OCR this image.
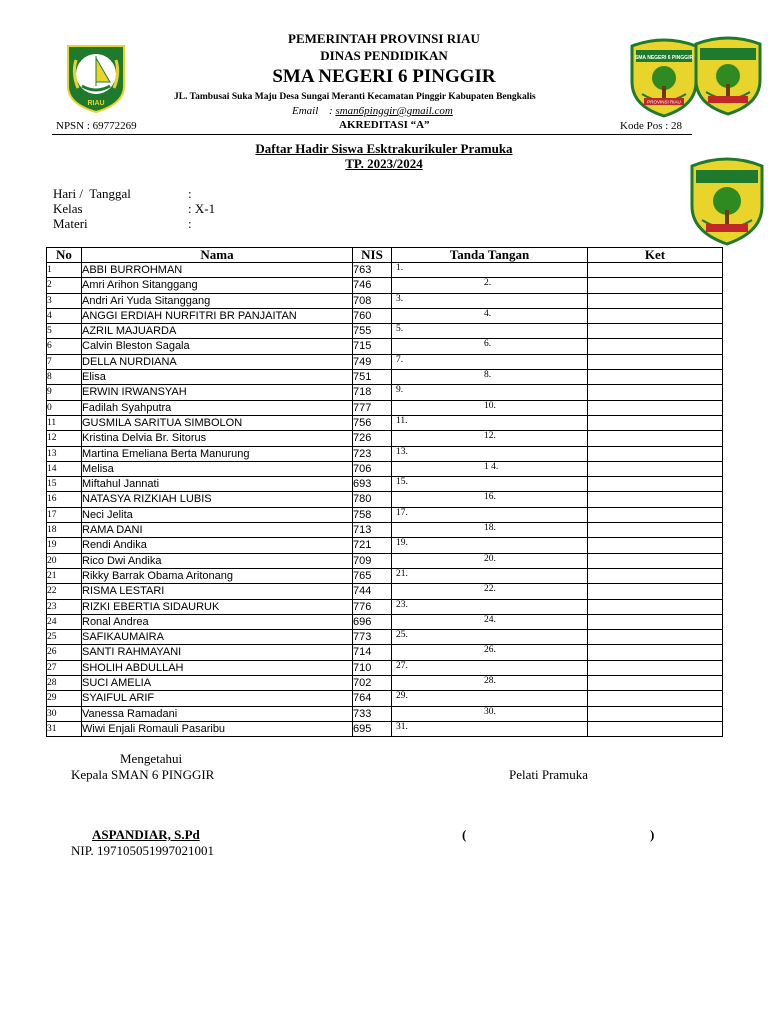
RIAU
PEMERINTAH PROVINSI RIAU
DINAS PENDIDIKAN
SMA NEGERI 6 PINGGIR
JL. Tambusai Suka Maju Desa Sungai Meranti Kecamatan Pinggir Kabupaten Bengkalis
Email : sman6pinggir@gmail.com
NPSN : 69772269	AKREDITASI “A”	Kode Pos : 28
SMA NEGERI 6 PINGGIR
PROVINSI RIAU
Daftar Hadir Siswa Esktrakurikuler Pramuka
TP. 2023/2024
Hari /  Tanggal	:
Kelas	: X-1
Materi	:
No	Nama	NIS	Tanda Tangan	Ket
1	ABBI BURROHMAN	763	1.	

2	Amri Arihon Sitanggang	746	2.	

3	Andri Ari Yuda Sitanggang	708	3.	

4	ANGGI ERDIAH NURFITRI BR PANJAITAN	760	4.	

5	AZRIL MAJUARDA	755	5.	

6	Calvin Bleston Sagala	715	6.	

7	DELLA NURDIANA	749	7.	

8	Elisa	751	8.	

9	ERWIN IRWANSYAH	718	9.	

0	Fadilah Syahputra	777	10.	

11	GUSMILA SARITUA SIMBOLON	756	11.	

12	Kristina Delvia Br. Sitorus	726	12.	

13	Martina Emeliana Berta Manurung	723	13.	

14	Melisa	706	1 4.	

15	Miftahul Jannati	693	15.	

16	NATASYA RIZKIAH LUBIS	780	16.	

17	Neci Jelita	758	17.	

18	RAMA DANI	713	18.	

19	Rendi Andika	721	19.	

20	Rico Dwi Andika	709	20.	

21	Rikky Barrak Obama Aritonang	765	21.	

22	RISMA LESTARI	744	22.	

23	RIZKI EBERTIA SIDAURUK	776	23.	

24	Ronal Andrea	696	24.	

25	SAFIKAUMAIRA	773	25.	

26	SANTI RAHMAYANI	714	26.	

27	SHOLIH ABDULLAH	710	27.	

28	SUCI AMELIA	702	28.	

29	SYAIFUL ARIF	764	29.	

30	Vanessa Ramadani	733	30.	

31	Wiwi Enjali Romauli Pasaribu	695	31.	

Mengetahui
Kepala SMAN 6 PINGGIR	Pelati Pramuka
ASPANDIAR, S.Pd	(	)
NIP. 197105051997021001
